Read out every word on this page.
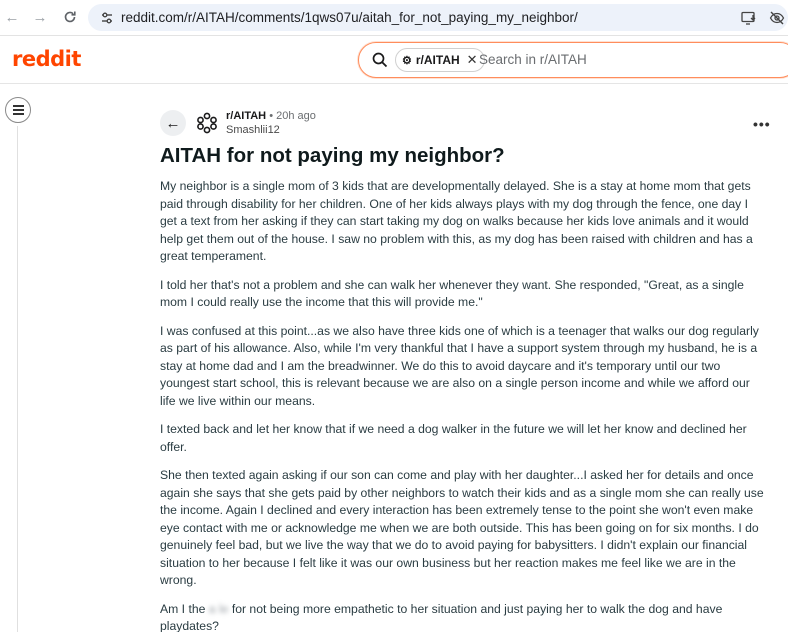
← →	reddit.com/r/AITAH/comments/1qws07u/aitah_for_not_paying_my_neighbor/
reddit	⚙ r/AITAH ✕
Search in r/AITAH
←	r/AITAH • 20h ago
Smashlii12	•••
AITAH for not paying my neighbor?

My neighbor is a single mom of 3 kids that are developmentally delayed. She is a stay at home mom that gets paid through disability for her children. One of her kids always plays with my dog through the fence, one day I get a text from her asking if they can start taking my dog on walks because her kids love animals and it would help get them out of the house. I saw no problem with this, as my dog has been raised with children and has a great temperament.

I told her that's not a problem and she can walk her whenever they want. She responded, "Great, as a single mom I could really use the income that this will provide me."

I was confused at this point...as we also have three kids one of which is a teenager that walks our dog regularly as part of his allowance. Also, while I'm very thankful that I have a support system through my husband, he is a stay at home dad and I am the breadwinner. We do this to avoid daycare and it's temporary until our two youngest start school, this is relevant because we are also on a single person income and while we afford our life we live within our means.

I texted back and let her know that if we need a dog walker in the future we will let her know and declined her offer.

She then texted again asking if our son can come and play with her daughter...I asked her for details and once again she says that she gets paid by other neighbors to watch their kids and as a single mom she can really use the income. Again I declined and every interaction has been extremely tense to the point she won't even make eye contact with me or acknowledge me when we are both outside. This has been going on for six months. I do genuinely feel bad, but we live the way that we do to avoid paying for babysitters. I didn't explain our financial situation to her because I felt like it was our own business but her reaction makes me feel like we are in the wrong.

Am I the a le for not being more empathetic to her situation and just paying her to walk the dog and have playdates?
